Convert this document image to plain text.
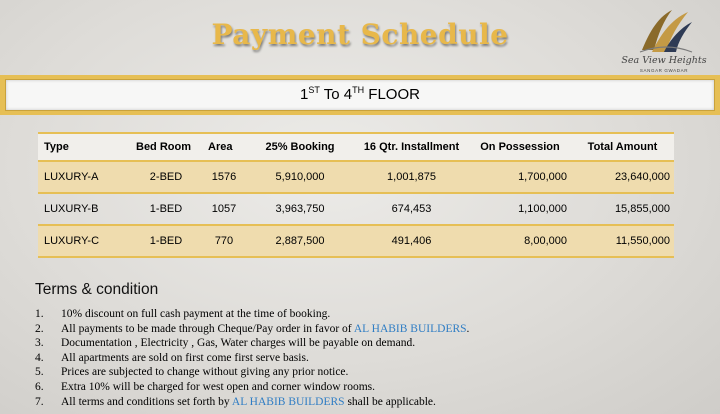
Payment Schedule
Sea View Heights
SANGAR GWADAR
1ST To 4TH FLOOR
Type	Bed Room	Area	25% Booking	16 Qtr. Installment	On Possession	Total Amount
LUXURY-A	2-BED	1576	5,910,000	1,001,875	1,700,000	23,640,000
LUXURY-B	1-BED	1057	3,963,750	674,453	1,100,000	15,855,000
LUXURY-C	1-BED	770	2,887,500	491,406	8,00,000	11,550,000
Terms & condition
1. 10% discount on full cash payment at the time of booking.
2. All payments to be made through Cheque/Pay order in favor of AL HABIB BUILDERS.
3. Documentation , Electricity , Gas, Water charges will be payable on demand.
4. All apartments are sold on first come first serve basis.
5. Prices are subjected to change without giving any prior notice.
6. Extra 10% will be charged for west open and corner window rooms.
7. All terms and conditions set forth by AL HABIB BUILDERS shall be applicable.
